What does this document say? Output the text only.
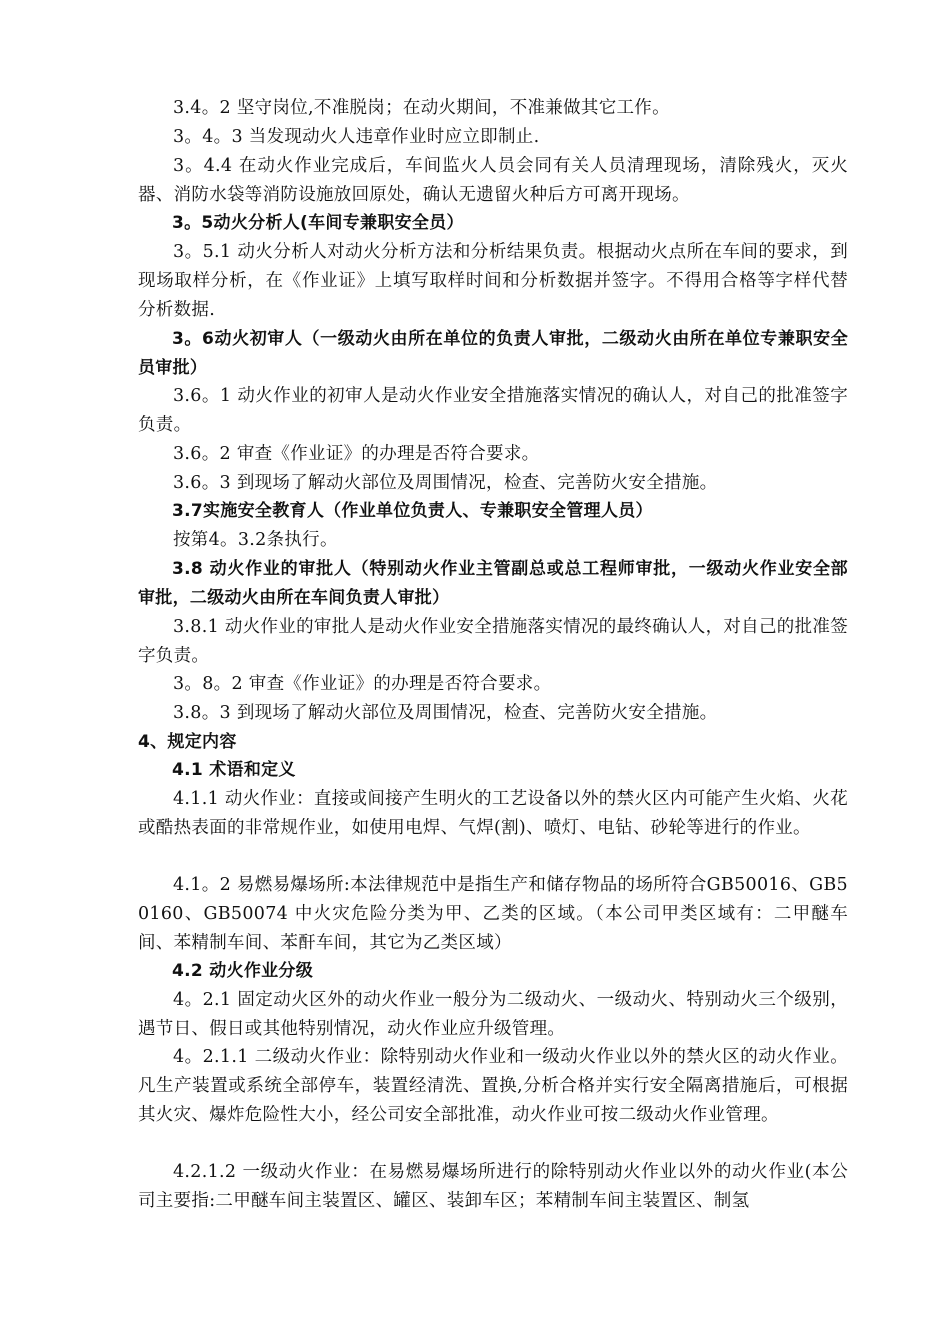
3.4。2 坚守岗位,不准脱岗；在动火期间，不准兼做其它工作。

3。4。3 当发现动火人违章作业时应立即制止.

3。4.4 在动火作业完成后，车间监火人员会同有关人员清理现场，清除残火，灭火器、消防水袋等消防设施放回原处，确认无遗留火种后方可离开现场。

3。5动火分析人(车间专兼职安全员）

3。5.1 动火分析人对动火分析方法和分析结果负责。根据动火点所在车间的要求，到现场取样分析，在《作业证》上填写取样时间和分析数据并签字。不得用合格等字样代替分析数据.

3。6动火初审人（一级动火由所在单位的负责人审批，二级动火由所在单位专兼职安全员审批）

3.6。1 动火作业的初审人是动火作业安全措施落实情况的确认人，对自己的批准签字负责。

3.6。2 审查《作业证》的办理是否符合要求。

3.6。3 到现场了解动火部位及周围情况，检查、完善防火安全措施。

3.7实施安全教育人（作业单位负责人、专兼职安全管理人员）

按第4。3.2条执行。

3.8 动火作业的审批人（特别动火作业主管副总或总工程师审批，一级动火作业安全部审批，二级动火由所在车间负责人审批）

3.8.1 动火作业的审批人是动火作业安全措施落实情况的最终确认人，对自己的批准签字负责。

3。8。2 审查《作业证》的办理是否符合要求。

3.8。3 到现场了解动火部位及周围情况，检查、完善防火安全措施。

4、规定内容

4.1 术语和定义

4.1.1 动火作业：直接或间接产生明火的工艺设备以外的禁火区内可能产生火焰、火花或酷热表面的非常规作业，如使用电焊、气焊(割)、喷灯、电钻、砂轮等进行的作业。

4.1。2 易燃易爆场所:本法律规范中是指生产和储存物品的场所符合GB50016、GB50160、GB50074 中火灾危险分类为甲、乙类的区域。（本公司甲类区域有：二甲醚车间、苯精制车间、苯酐车间，其它为乙类区域）

4.2 动火作业分级

4。2.1 固定动火区外的动火作业一般分为二级动火、一级动火、特别动火三个级别，遇节日、假日或其他特别情况，动火作业应升级管理。

4。2.1.1 二级动火作业：除特别动火作业和一级动火作业以外的禁火区的动火作业。凡生产装置或系统全部停车，装置经清洗、置换,分析合格并实行安全隔离措施后，可根据其火灾、爆炸危险性大小，经公司安全部批准，动火作业可按二级动火作业管理。

4.2.1.2 一级动火作业：在易燃易爆场所进行的除特别动火作业以外的动火作业(本公司主要指:二甲醚车间主装置区、罐区、装卸车区；苯精制车间主装置区、制氢
